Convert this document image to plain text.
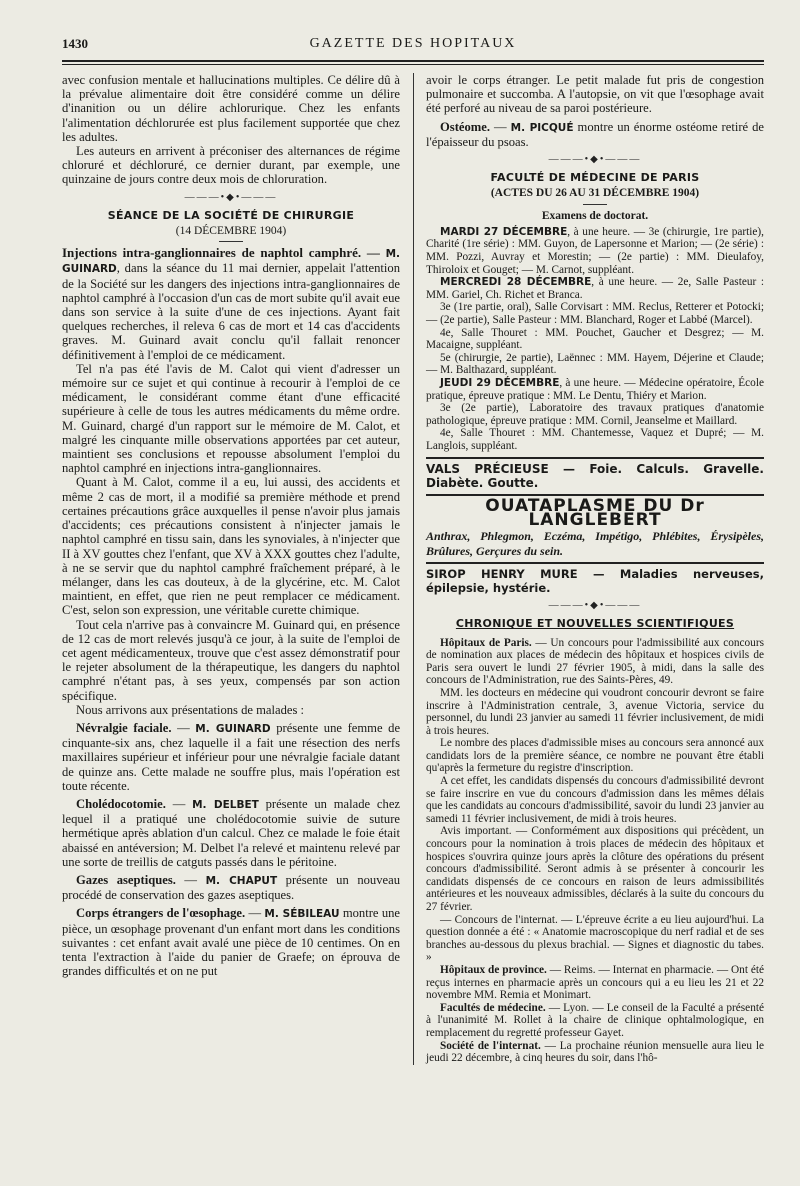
1430	GAZETTE DES HOPITAUX

avec confusion mentale et hallucinations multiples. Ce délire dû à la prévalue alimentaire doit être considéré comme un délire d'inanition ou un délire achlorurique. Chez les enfants l'alimentation déchlorurée est plus facilement supportée que chez les adultes.

Les auteurs en arrivent à préconiser des alternances de régime chloruré et déchloruré, ce dernier durant, par exemple, une quinzaine de jours contre deux mois de chloruration.

———•◆•———
SÉANCE DE LA SOCIÉTÉ DE CHIRURGIE
(14 DÉCEMBRE 1904)

Injections intra-ganglionnaires de naphtol camphré. — M. GUINARD, dans la séance du 11 mai dernier, appelait l'attention de la Société sur les dangers des injections intra-ganglionnaires de naphtol camphré à l'occasion d'un cas de mort subite qu'il avait eue dans son service à la suite d'une de ces injections. Ayant fait quelques recherches, il releva 6 cas de mort et 14 cas d'accidents graves. M. Guinard avait conclu qu'il fallait renoncer définitivement à l'emploi de ce médicament.

Tel n'a pas été l'avis de M. Calot qui vient d'adresser un mémoire sur ce sujet et qui continue à recourir à l'emploi de ce médicament, le considérant comme étant d'une efficacité supérieure à celle de tous les autres médicaments du même ordre. M. Guinard, chargé d'un rapport sur le mémoire de M. Calot, et malgré les cinquante mille observations apportées par cet auteur, maintient ses conclusions et repousse absolument l'emploi du naphtol camphré en injections intra-ganglionnaires.

Quant à M. Calot, comme il a eu, lui aussi, des accidents et même 2 cas de mort, il a modifié sa première méthode et prend certaines précautions grâce auxquelles il pense n'avoir plus jamais d'accidents; ces précautions consistent à n'injecter jamais le naphtol camphré en tissu sain, dans les synoviales, à n'injecter que II à XV gouttes chez l'enfant, que XV à XXX gouttes chez l'adulte, à ne se servir que du naphtol camphré fraîchement préparé, à le mélanger, dans les cas douteux, à de la glycérine, etc. M. Calot maintient, en effet, que rien ne peut remplacer ce médicament. C'est, selon son expression, une véritable curette chimique.

Tout cela n'arrive pas à convaincre M. Guinard qui, en présence de 12 cas de mort relevés jusqu'à ce jour, à la suite de l'emploi de cet agent médicamenteux, trouve que c'est assez démonstratif pour le rejeter absolument de la thérapeutique, les dangers du naphtol camphré n'étant pas, à ses yeux, compensés par son action spécifique.

Nous arrivons aux présentations de malades :

Névralgie faciale. — M. GUINARD présente une femme de cinquante-six ans, chez laquelle il a fait une résection des nerfs maxillaires supérieur et inférieur pour une névralgie faciale datant de quinze ans. Cette malade ne souffre plus, mais l'opération est toute récente.

Cholédocotomie. — M. DELBET présente un malade chez lequel il a pratiqué une cholédocotomie suivie de suture hermétique après ablation d'un calcul. Chez ce malade le foie était abaissé en antéversion; M. Delbet l'a relevé et maintenu relevé par une sorte de treillis de catguts passés dans le péritoine.

Gazes aseptiques. — M. CHAPUT présente un nouveau procédé de conservation des gazes aseptiques.

Corps étrangers de l'œsophage. — M. SÉBILEAU montre une pièce, un œsophage provenant d'un enfant mort dans les conditions suivantes : cet enfant avait avalé une pièce de 10 centimes. On en tenta l'extraction à l'aide du panier de Graefe; on éprouva de grandes difficultés et on ne put

avoir le corps étranger. Le petit malade fut pris de congestion pulmonaire et succomba. A l'autopsie, on vit que l'œsophage avait été perforé au niveau de sa paroi postérieure.

Ostéome. — M. PICQUÉ montre un énorme ostéome retiré de l'épaisseur du psoas.

———•◆•———
FACULTÉ DE MÉDECINE DE PARIS
(ACTES DU 26 AU 31 DÉCEMBRE 1904)
Examens de doctorat.

MARDI 27 DÉCEMBRE, à une heure. — 3e (chirurgie, 1re partie), Charité (1re série) : MM. Guyon, de Lapersonne et Marion; — (2e série) : MM. Pozzi, Auvray et Morestin; — (2e partie) : MM. Dieulafoy, Thiroloix et Gouget; — M. Carnot, suppléant.

MERCREDI 28 DÉCEMBRE, à une heure. — 2e, Salle Pasteur : MM. Gariel, Ch. Richet et Branca.

3e (1re partie, oral), Salle Corvisart : MM. Reclus, Retterer et Potocki; — (2e partie), Salle Pasteur : MM. Blanchard, Roger et Labbé (Marcel).

4e, Salle Thouret : MM. Pouchet, Gaucher et Desgrez; — M. Macaigne, suppléant.

5e (chirurgie, 2e partie), Laënnec : MM. Hayem, Déjerine et Claude; — M. Balthazard, suppléant.

JEUDI 29 DÉCEMBRE, à une heure. — Médecine opératoire, École pratique, épreuve pratique : MM. Le Dentu, Thiéry et Marion.

3e (2e partie), Laboratoire des travaux pratiques d'anatomie pathologique, épreuve pratique : MM. Cornil, Jeanselme et Maillard.

4e, Salle Thouret : MM. Chantemesse, Vaquez et Dupré; — M. Langlois, suppléant.

VALS PRÉCIEUSE — Foie. Calculs. Gravelle. Diabète. Goutte.
OUATAPLASME DU Dr LANGLEBERT
Anthrax, Phlegmon, Eczéma, Impétigo, Phlébites, Érysipèles, Brûlures, Gerçures du sein.
SIROP HENRY MURE — Maladies nerveuses, épilepsie, hystérie.
———•◆•———
CHRONIQUE ET NOUVELLES SCIENTIFIQUES

Hôpitaux de Paris. — Un concours pour l'admissibilité aux concours de nomination aux places de médecin des hôpitaux et hospices civils de Paris sera ouvert le lundi 27 février 1905, à midi, dans la salle des concours de l'Administration, rue des Saints-Pères, 49.

MM. les docteurs en médecine qui voudront concourir devront se faire inscrire à l'Administration centrale, 3, avenue Victoria, service du personnel, du lundi 23 janvier au samedi 11 février inclusivement, de midi à trois heures.

Le nombre des places d'admissible mises au concours sera annoncé aux candidats lors de la première séance, ce nombre ne pouvant être établi qu'après la fermeture du registre d'inscription.

A cet effet, les candidats dispensés du concours d'admissibilité devront se faire inscrire en vue du concours d'admission dans les mêmes délais que les candidats au concours d'admissibilité, savoir du lundi 23 janvier au samedi 11 février inclusivement, de midi à trois heures.

Avis important. — Conformément aux dispositions qui précèdent, un concours pour la nomination à trois places de médecin des hôpitaux et hospices s'ouvrira quinze jours après la clôture des opérations du présent concours d'admissibilité. Seront admis à se présenter à concourir les candidats dispensés de ce concours en raison de leurs admissibilités antérieures et les nouveaux admissibles, déclarés à la suite du concours du 27 février.

— Concours de l'internat. — L'épreuve écrite a eu lieu aujourd'hui. La question donnée a été : « Anatomie macroscopique du nerf radial et de ses branches au-dessous du plexus brachial. — Signes et diagnostic du tabes. »

Hôpitaux de province. — Reims. — Internat en pharmacie. — Ont été reçus internes en pharmacie après un concours qui a eu lieu les 21 et 22 novembre MM. Remia et Monimart.

Facultés de médecine. — Lyon. — Le conseil de la Faculté a présenté à l'unanimité M. Rollet à la chaire de clinique ophtalmologique, en remplacement du regretté professeur Gayet.

Société de l'internat. — La prochaine réunion mensuelle aura lieu le jeudi 22 décembre, à cinq heures du soir, dans l'hô-
